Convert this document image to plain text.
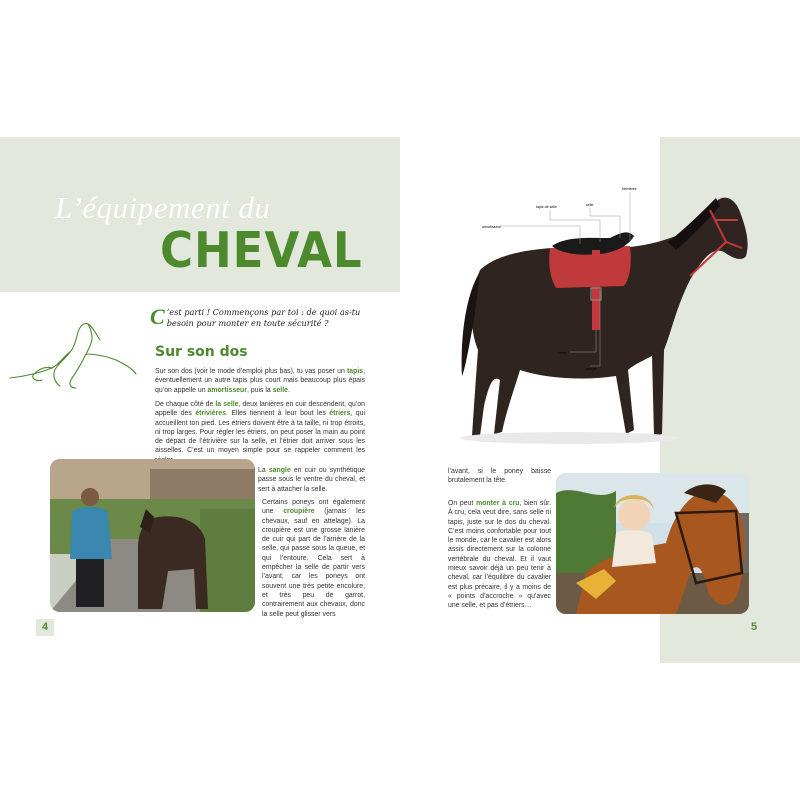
L’équipement du
CHEVAL
C ’est parti ! Commençons par toi : de quoi as-tu besoin pour monter en toute sécurité ?
Sur son dos
Sur son dos (voir le mode d’emploi plus bas), tu vas poser un tapis, éventuellement un autre tapis plus court mais beaucoup plus épais qu’on appelle un amortisseur, puis la selle.
De chaque côté de la selle, deux lanières en cuir descendent, qu’on appelle des étrivières. Elles tiennent à leur bout les étriers, qui accueillent ton pied. Les étriers doivent être à ta taille, ni trop étroits, ni trop larges. Pour régler les étriers, on peut poser la main au point de départ de l’étrivière sur la selle, et l’étrier doit arriver sous les aisselles. C’est un moyen simple pour se rappeler comment les
La sangle en cuir ou synthétique passe sous le ventre du cheval, et sert à attacher la selle.
Certains poneys ont également une croupière (jamais les chevaux, sauf en attelage). La croupière est une grosse lanière de cuir qui part de l’arrière de la selle, qui passe sous la queue, et qui l’entoure. Cela sert à empêcher la selle de partir vers l’avant, car les poneys ont souvent une très petite encolure, et très peu de garrot, contrairement aux chevaux, donc la selle peut glisser vers
4
amortisseur
tapis de selle	selle
étrivières
étrier
sangle
l’avant, si le poney baisse brutalement la tête.
On peut monter à cru, bien sûr. À cru, cela veut dire, sans selle ni tapis, juste sur le dos du cheval. C’est moins confortable pour tout le monde, car le cavalier est alors assis directement sur la colonne vertébrale du cheval. Et il vaut mieux savoir déjà un peu tenir à cheval, car l’équilibre du cavalier est plus précaire, il y a moins de « points d’accroche » qu’avec une selle, et pas d’étriers…
5
